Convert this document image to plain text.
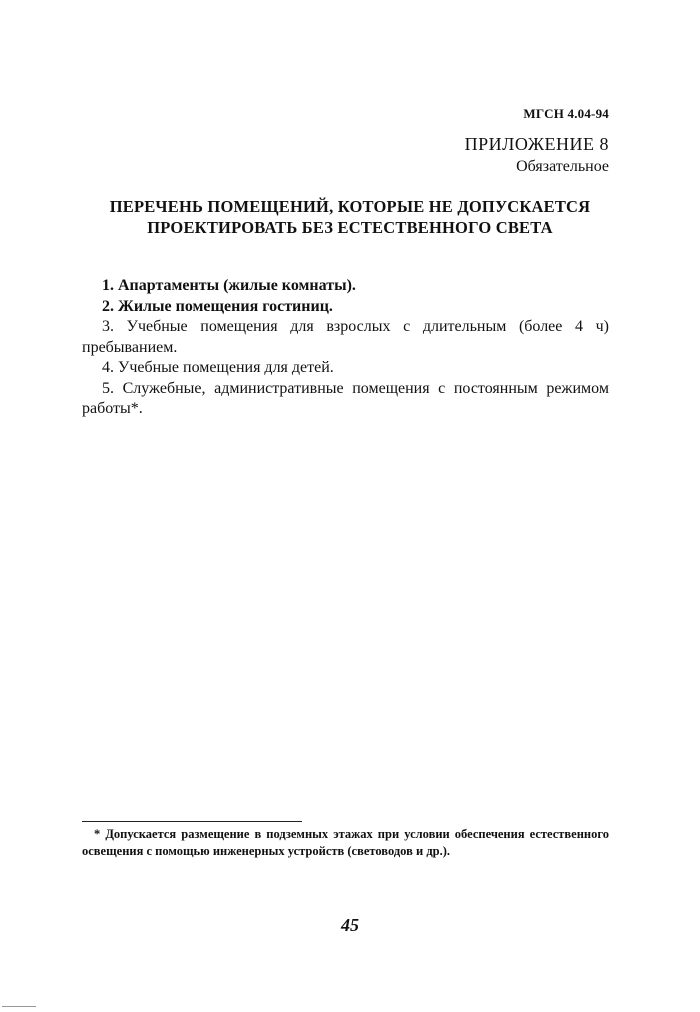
МГСН 4.04-94
ПРИЛОЖЕНИЕ 8
Обязательное
ПЕРЕЧЕНЬ ПОМЕЩЕНИЙ, КОТОРЫЕ НЕ ДОПУСКАЕТСЯ
ПРОЕКТИРОВАТЬ БЕЗ ЕСТЕСТВЕННОГО СВЕТА

1. Апартаменты (жилые комнаты).

2. Жилые помещения гостиниц.

3. Учебные помещения для взрослых с длительным (более 4 ч) пребыванием.

4. Учебные помещения для детей.

5. Служебные, административные помещения с постоянным режимом работы*.

* Допускается размещение в подземных этажах при условии обеспечения естественного освещения с помощью инженерных устройств (световодов и др.).
45
